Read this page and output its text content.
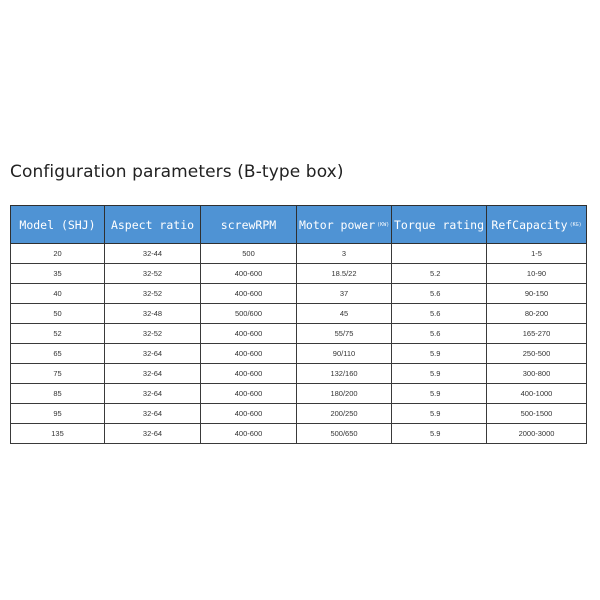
Configuration parameters (B-type box)
Model (SHJ)	Aspect ratio	screwRPM	Motor power (KW)	Torque rating	RefCapacity (KG)
20	32-44	500	3		1-5
35	32-52	400-600	18.5/22	5.2	10-90
40	32-52	400-600	37	5.6	90-150
50	32-48	500/600	45	5.6	80-200
52	32-52	400-600	55/75	5.6	165-270
65	32-64	400-600	90/110	5.9	250-500
75	32-64	400-600	132/160	5.9	300-800
85	32-64	400-600	180/200	5.9	400-1000
95	32-64	400-600	200/250	5.9	500-1500
135	32-64	400-600	500/650	5.9	2000-3000
